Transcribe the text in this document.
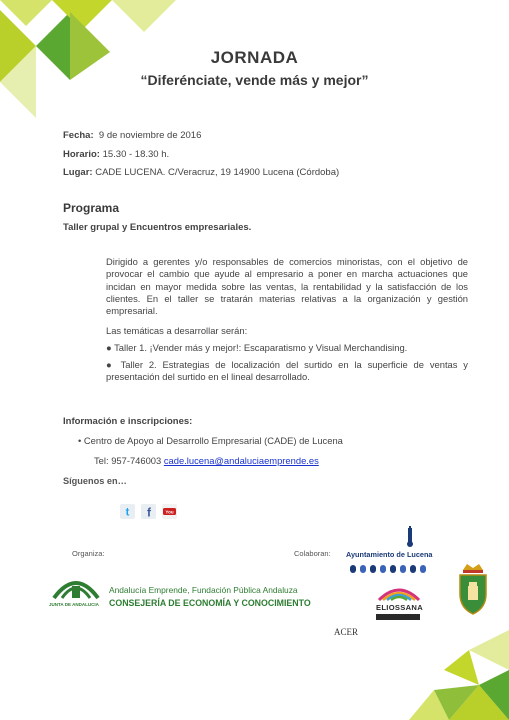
JORNADA
“Diferénciate, vende más y mejor”
Fecha: 9 de noviembre de 2016
Horario: 15.30 - 18.30 h.
Lugar: CADE LUCENA. C/Veracruz, 19 14900 Lucena (Córdoba)
Programa
Taller grupal y Encuentros empresariales.
Dirigido a gerentes y/o responsables de comercios minoristas, con el objetivo de provocar el cambio que ayude al empresario a poner en marcha actuaciones que incidan en mayor medida sobre las ventas, la rentabilidad y la satisfacción de los clientes. En el taller se tratarán materias relativas a la organización y gestión empresarial.
Las temáticas a desarrollar serán:
● Taller 1. ¡Vender más y mejor!: Escaparatismo y Visual Merchandising.
● Taller 2. Estrategias de localización del surtido en la superficie de ventas y presentación del surtido en el lineal desarrollado.
Información e inscripciones:
• Centro de Apoyo al Desarrollo Empresarial (CADE) de Lucena
Tel: 957-746003 cade.lucena@andaluciaemprende.es
Síguenos en…
t f	You
Organiza:	Colaboran:
JUNTA DE ANDALUCIA
Andalucía Emprende, Fundación Pública Andaluza
CONSEJERÍA DE ECONOMÍA Y CONOCIMIENTO
Ayuntamiento de Lucena
ELIOSSANA
ACER
